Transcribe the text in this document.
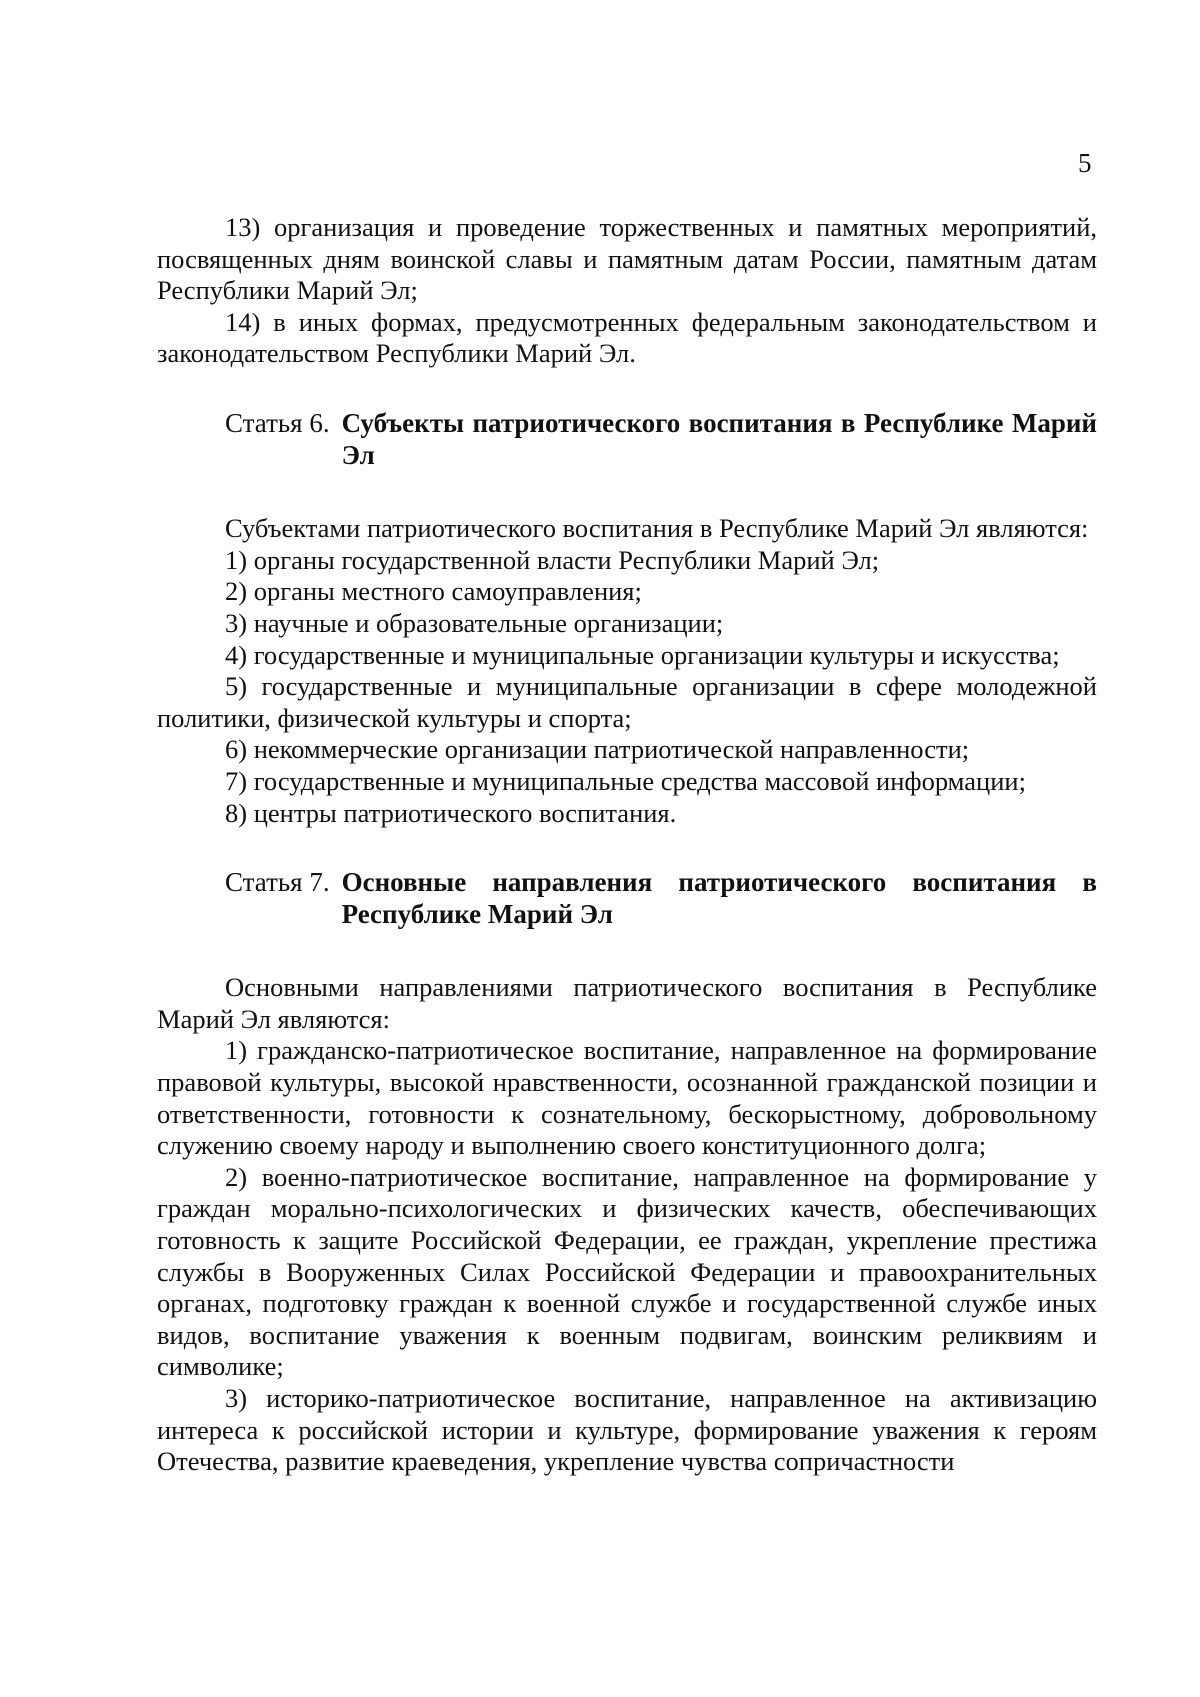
5

13) организация и проведение торжественных и памятных мероприятий, посвященных дням воинской славы и памятным датам России, памятным датам Республики Марий Эл;

14) в иных формах, предусмотренных федеральным законодательством и законодательством Республики Марий Эл.

Статья 6. Субъекты патриотического воспитания в Республике Марий Эл

Субъектами патриотического воспитания в Республике Марий Эл являются:

1) органы государственной власти Республики Марий Эл;

2) органы местного самоуправления;

3) научные и образовательные организации;

4) государственные и муниципальные организации культуры и искусства;

5) государственные и муниципальные организации в сфере молодежной политики, физической культуры и спорта;

6) некоммерческие организации патриотической направленности;

7) государственные и муниципальные средства массовой информации;

8) центры патриотического воспитания.

Статья 7. Основные направления патриотического воспитания в Республике Марий Эл

Основными направлениями патриотического воспитания в Республике Марий Эл являются:

1) гражданско-патриотическое воспитание, направленное на формирование правовой культуры, высокой нравственности, осознанной гражданской позиции и ответственности, готовности к сознательному, бескорыстному, добровольному служению своему народу и выполнению своего конституционного долга;

2) военно-патриотическое воспитание, направленное на формирование у граждан морально-психологических и физических качеств, обеспечивающих готовность к защите Российской Федерации, ее граждан, укрепление престижа службы в Вооруженных Силах Российской Федерации и правоохранительных органах, подготовку граждан к военной службе и государственной службе иных видов, воспитание уважения к военным подвигам, воинским реликвиям и символике;

3) историко-патриотическое воспитание, направленное на активизацию интереса к российской истории и культуре, формирование уважения к героям Отечества, развитие краеведения, укрепление чувства сопричастности
